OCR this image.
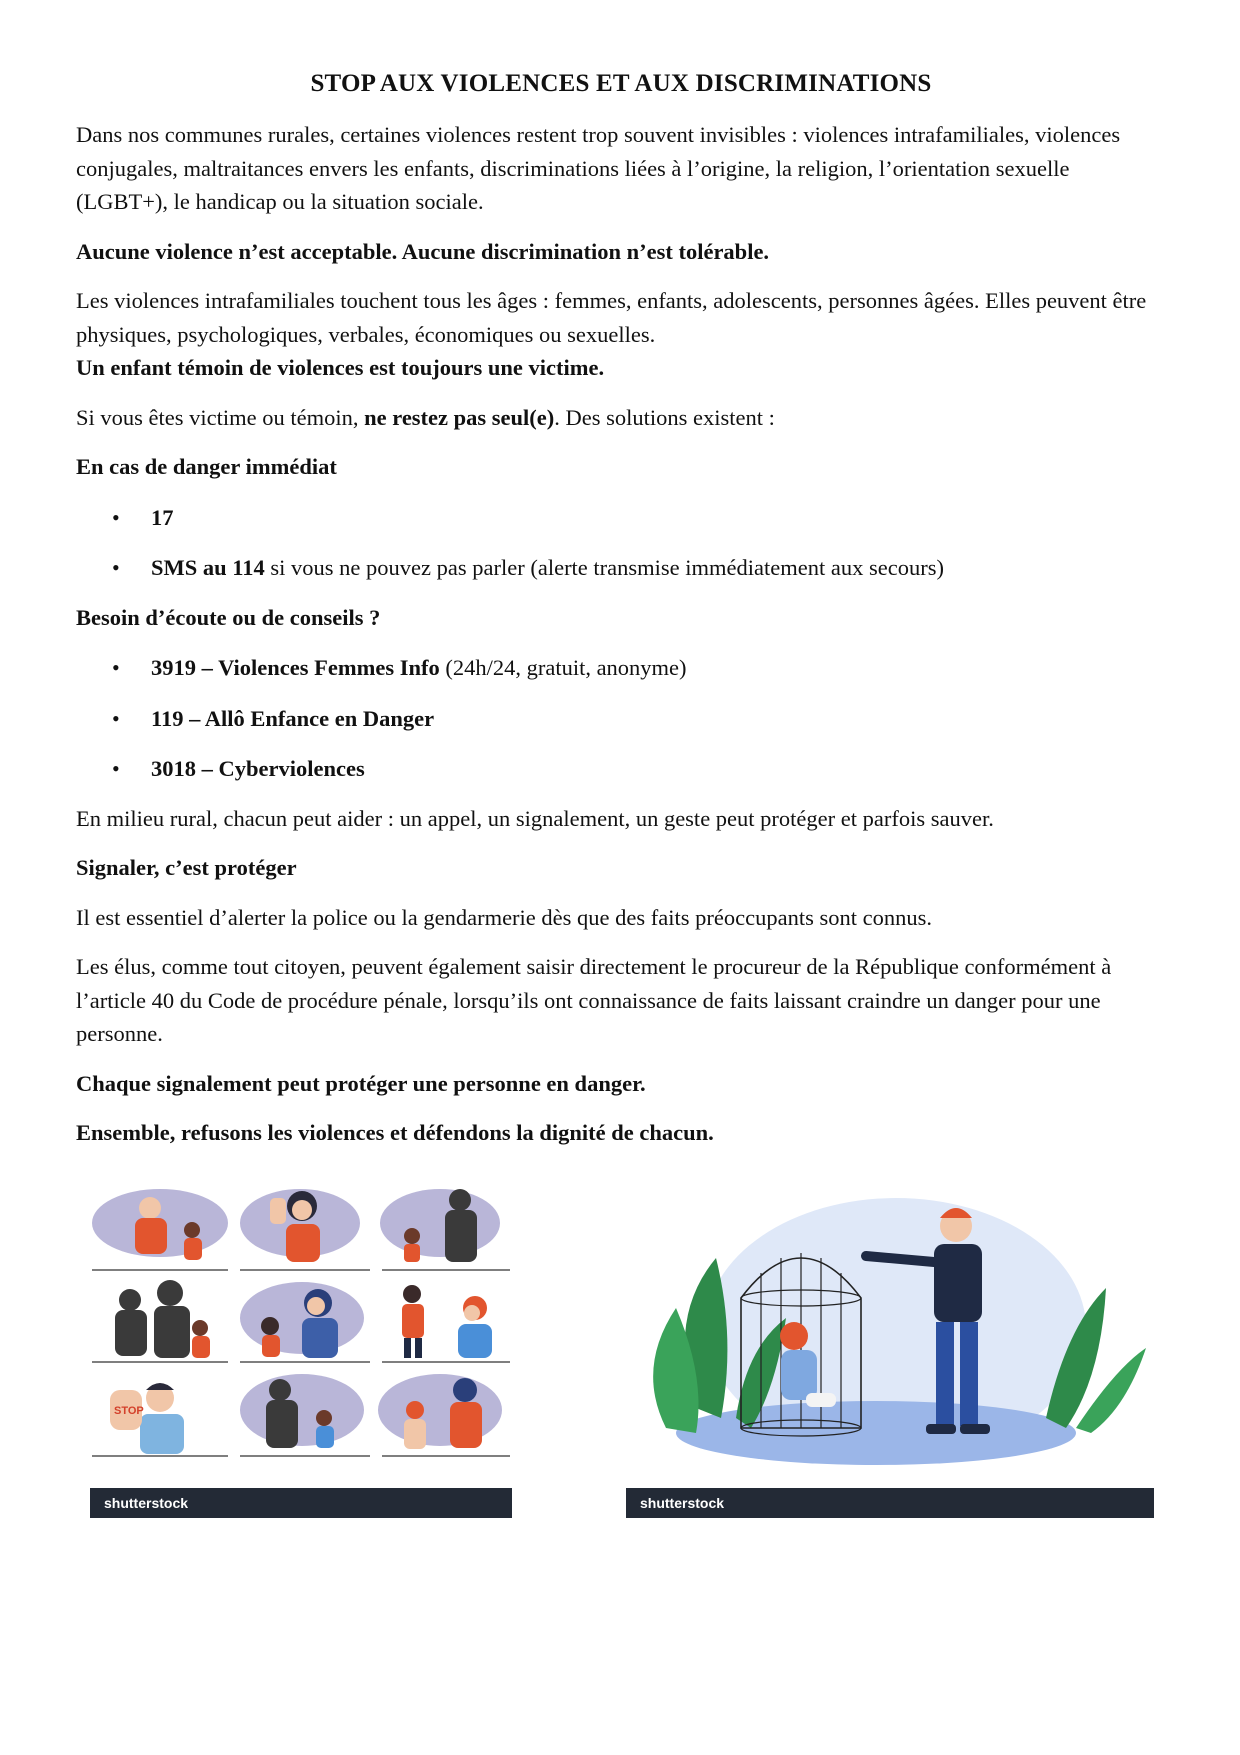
STOP AUX VIOLENCES ET AUX DISCRIMINATIONS

Dans nos communes rurales, certaines violences restent trop souvent invisibles : violences intrafamiliales, violences conjugales, maltraitances envers les enfants, discriminations liées à l’origine, la religion, l’orientation sexuelle (LGBT+), le handicap ou la situation sociale.

Aucune violence n’est acceptable. Aucune discrimination n’est tolérable.

Les violences intrafamiliales touchent tous les âges : femmes, enfants, adolescents, personnes âgées. Elles peuvent être physiques, psychologiques, verbales, économiques ou sexuelles.

Un enfant témoin de violences est toujours une victime.

Si vous êtes victime ou témoin, ne restez pas seul(e). Des solutions existent :

En cas de danger immédiat

• 17
• SMS au 114 si vous ne pouvez pas parler (alerte transmise immédiatement aux secours)

Besoin d’écoute ou de conseils ?

• 3919 – Violences Femmes Info (24h/24, gratuit, anonyme)
• 119 – Allô Enfance en Danger
• 3018 – Cyberviolences

En milieu rural, chacun peut aider : un appel, un signalement, un geste peut protéger et parfois sauver.

Signaler, c’est protéger

Il est essentiel d’alerter la police ou la gendarmerie dès que des faits préoccupants sont connus.

Les élus, comme tout citoyen, peuvent également saisir directement le procureur de la République conformément à l’article 40 du Code de procédure pénale, lorsqu’ils ont connaissance de faits laissant craindre un danger pour une personne.

Chaque signalement peut protéger une personne en danger.

Ensemble, refusons les violences et défendons la dignité de chacun.

STOP
shutterstock	shutterstock
